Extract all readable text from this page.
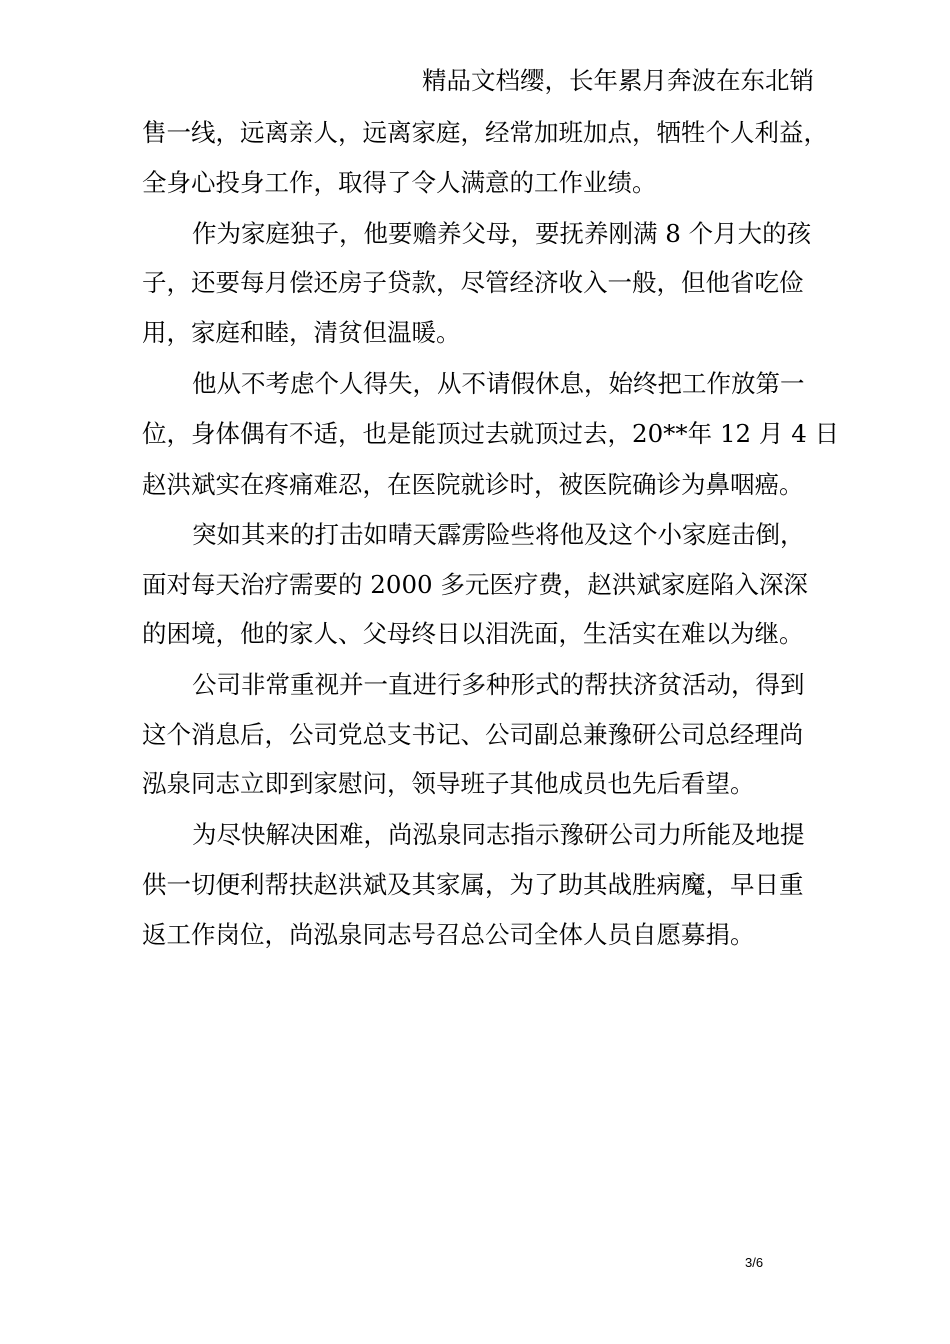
精品文档缨，长年累月奔波在东北销
售一线，远离亲人，远离家庭，经常加班加点，牺牲个人利益，
全身心投身工作，取得了令人满意的工作业绩。
作为家庭独子，他要赡养父母，要抚养刚满 8 个月大的孩
子，还要每月偿还房子贷款，尽管经济收入一般，但他省吃俭
用，家庭和睦，清贫但温暖。
他从不考虑个人得失，从不请假休息，始终把工作放第一
位，身体偶有不适，也是能顶过去就顶过去，20**年 12 月 4 日
赵洪斌实在疼痛难忍，在医院就诊时，被医院确诊为鼻咽癌。
突如其来的打击如晴天霹雳险些将他及这个小家庭击倒，
面对每天治疗需要的 2000 多元医疗费，赵洪斌家庭陷入深深
的困境，他的家人、父母终日以泪洗面，生活实在难以为继。
公司非常重视并一直进行多种形式的帮扶济贫活动，得到
这个消息后，公司党总支书记、公司副总兼豫研公司总经理尚
泓泉同志立即到家慰问，领导班子其他成员也先后看望。
为尽快解决困难，尚泓泉同志指示豫研公司力所能及地提
供一切便利帮扶赵洪斌及其家属，为了助其战胜病魔，早日重
返工作岗位，尚泓泉同志号召总公司全体人员自愿募捐。
3/6
